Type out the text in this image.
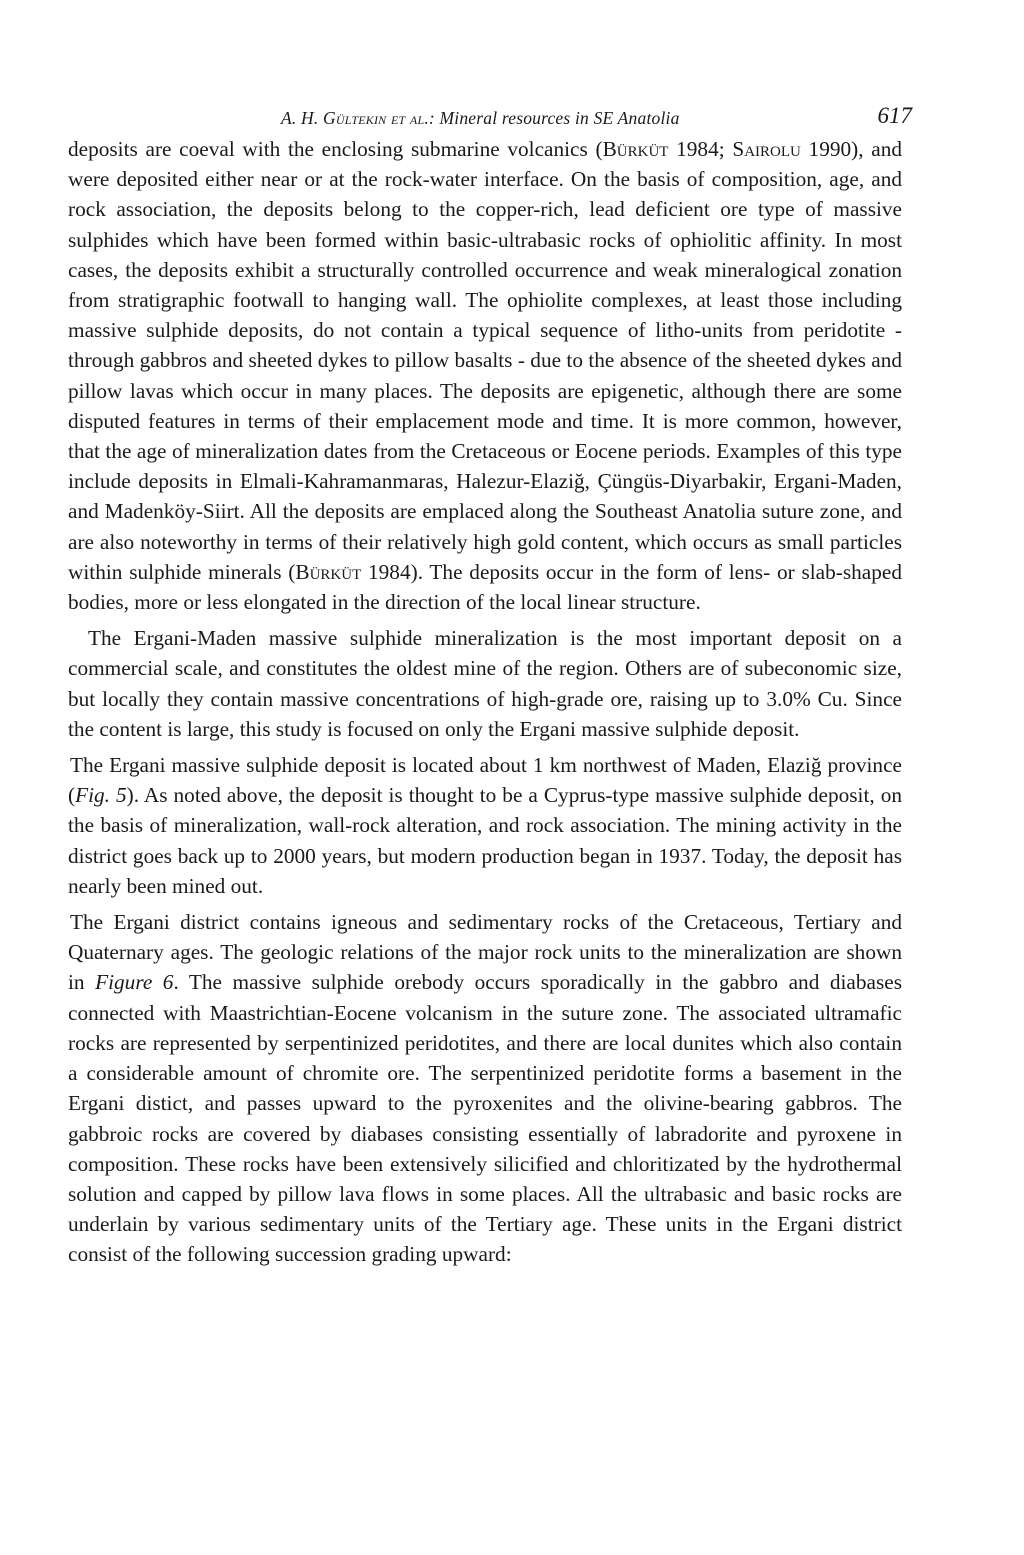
A. H. Gültekin et al.: Mineral resources in SE Anatolia	617

deposits are coeval with the enclosing submarine volcanics (Bürküt 1984; Sairolu 1990), and were deposited either near or at the rock-water interface. On the basis of composition, age, and rock association, the deposits belong to the copper-rich, lead deficient ore type of massive sulphides which have been formed within basic-ultrabasic rocks of ophiolitic affinity. In most cases, the deposits exhibit a structurally controlled occurrence and weak mineralogical zonation from stratigraphic footwall to hanging wall. The ophiolite complexes, at least those including massive sulphide deposits, do not contain a typical sequence of litho-units from peridotite - through gabbros and sheeted dykes to pillow basalts - due to the absence of the sheeted dykes and pillow lavas which occur in many places. The deposits are epigenetic, although there are some disputed features in terms of their emplacement mode and time. It is more common, however, that the age of mineralization dates from the Cretaceous or Eocene periods. Examples of this type include deposits in Elmali-Kahramanmaras, Halezur-Elaziğ, Çüngüs-Diyarbakir, Ergani-Maden, and Madenköy-Siirt. All the deposits are emplaced along the Southeast Anatolia suture zone, and are also noteworthy in terms of their relatively high gold content, which occurs as small particles within sulphide minerals (Bürküt 1984). The deposits occur in the form of lens- or slab-shaped bodies, more or less elongated in the direction of the local linear structure.

The Ergani-Maden massive sulphide mineralization is the most important deposit on a commercial scale, and constitutes the oldest mine of the region. Others are of subeconomic size, but locally they contain massive concentrations of high-grade ore, raising up to 3.0% Cu. Since the content is large, this study is focused on only the Ergani massive sulphide deposit.

The Ergani massive sulphide deposit is located about 1 km northwest of Maden, Elaziğ province (Fig. 5). As noted above, the deposit is thought to be a Cyprus-type massive sulphide deposit, on the basis of mineralization, wall-rock alteration, and rock association. The mining activity in the district goes back up to 2000 years, but modern production began in 1937. Today, the deposit has nearly been mined out.

The Ergani district contains igneous and sedimentary rocks of the Cretaceous, Tertiary and Quaternary ages. The geologic relations of the major rock units to the mineralization are shown in Figure 6. The massive sulphide orebody occurs sporadically in the gabbro and diabases connected with Maastrichtian-Eocene volcanism in the suture zone. The associated ultramafic rocks are represented by serpentinized peridotites, and there are local dunites which also contain a considerable amount of chromite ore. The serpentinized peridotite forms a basement in the Ergani distict, and passes upward to the pyroxenites and the olivine-bearing gabbros. The gabbroic rocks are covered by diabases consisting essentially of labradorite and pyroxene in composition. These rocks have been extensively silicified and chloritizated by the hydrothermal solution and capped by pillow lava flows in some places. All the ultrabasic and basic rocks are underlain by various sedimentary units of the Tertiary age. These units in the Ergani district consist of the following succession grading upward:
